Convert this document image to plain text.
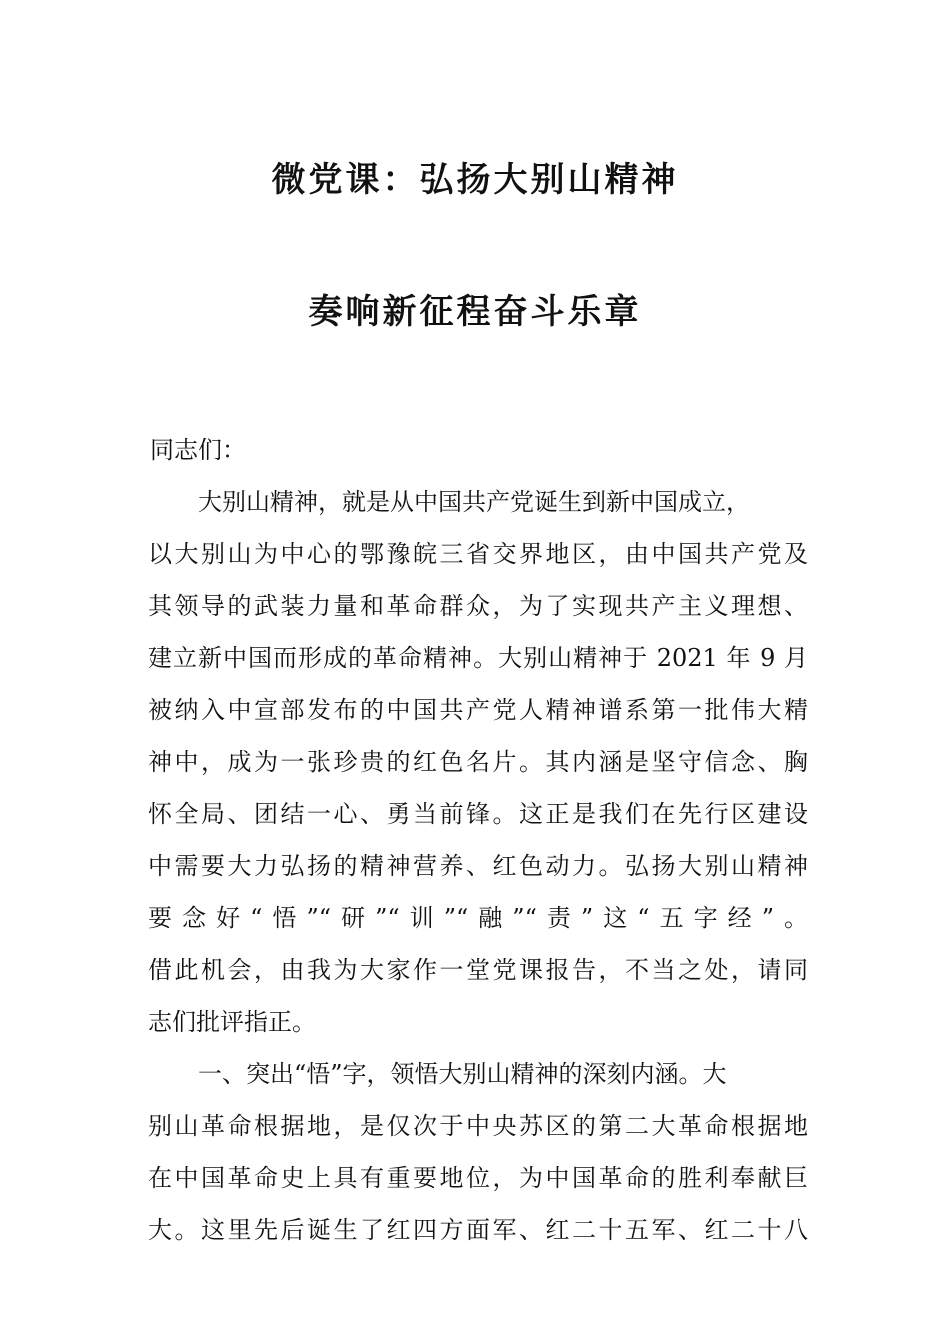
微党课：弘扬大别山精神
奏响新征程奋斗乐章
同志们：
大别山精神，就是从中国共产党诞生到新中国成立，
以大别山为中心的鄂豫皖三省交界地区，由中国共产党及
其领导的武装力量和革命群众，为了实现共产主义理想、
建立新中国而形成的革命精神。大别山精神于 2021 年 9 月
被纳入中宣部发布的中国共产党人精神谱系第一批伟大精
神中，成为一张珍贵的红色名片。其内涵是坚守信念、胸
怀全局、团结一心、勇当前锋。这正是我们在先行区建设
中需要大力弘扬的精神营养、红色动力。弘扬大别山精神
要念好“悟”“研”“训”“融”“责”这“五字经”。
借此机会，由我为大家作一堂党课报告，不当之处，请同
志们批评指正。
一、突出“悟”字，领悟大别山精神的深刻内涵。大
别山革命根据地，是仅次于中央苏区的第二大革命根据地
在中国革命史上具有重要地位，为中国革命的胜利奉献巨
大。这里先后诞生了红四方面军、红二十五军、红二十八
